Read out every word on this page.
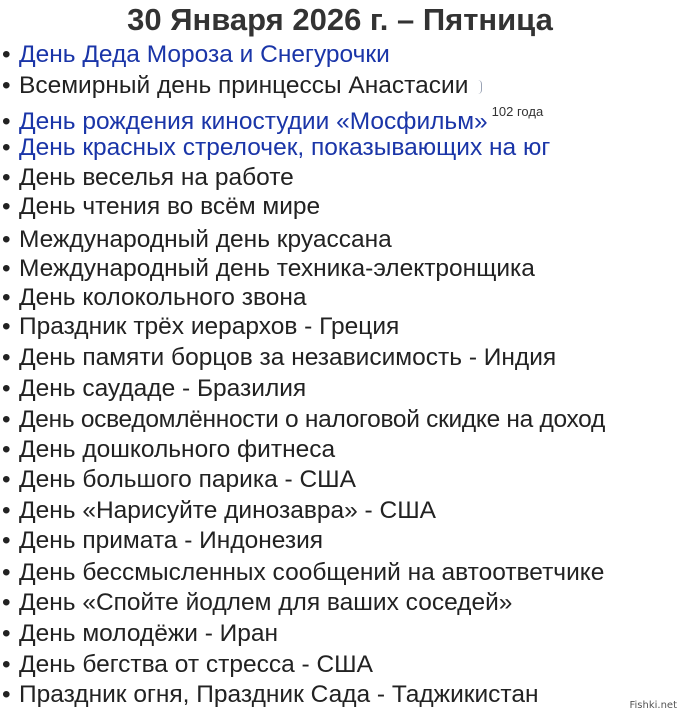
30 Января 2026 г. – Пятница
• День Деда Мороза и Снегурочки
• Всемирный день принцессы Анастасии
• День рождения киностудии «Мосфильм» $^{102 года}$
• День красных стрелочек, показывающих на юг
• День веселья на работе
• День чтения во всём мире
• Международный день круассана
• Международный день техника-электронщика
• День колокольного звона
• Праздник трёх иерархов - Греция
• День памяти борцов за независимость - Индия
• День саудаде - Бразилия
• День осведомлённости о налоговой скидке на доход
• День дошкольного фитнеса
• День большого парика - США
• День «Нарисуйте динозавра» - США
• День примата - Индонезия
• День бессмысленных сообщений на автоответчике
• День «Спойте йодлем для ваших соседей»
• День молодёжи - Иран
• День бегства от стресса - США
• Праздник огня, Праздник Сада - Таджикистан	Fishki.net
